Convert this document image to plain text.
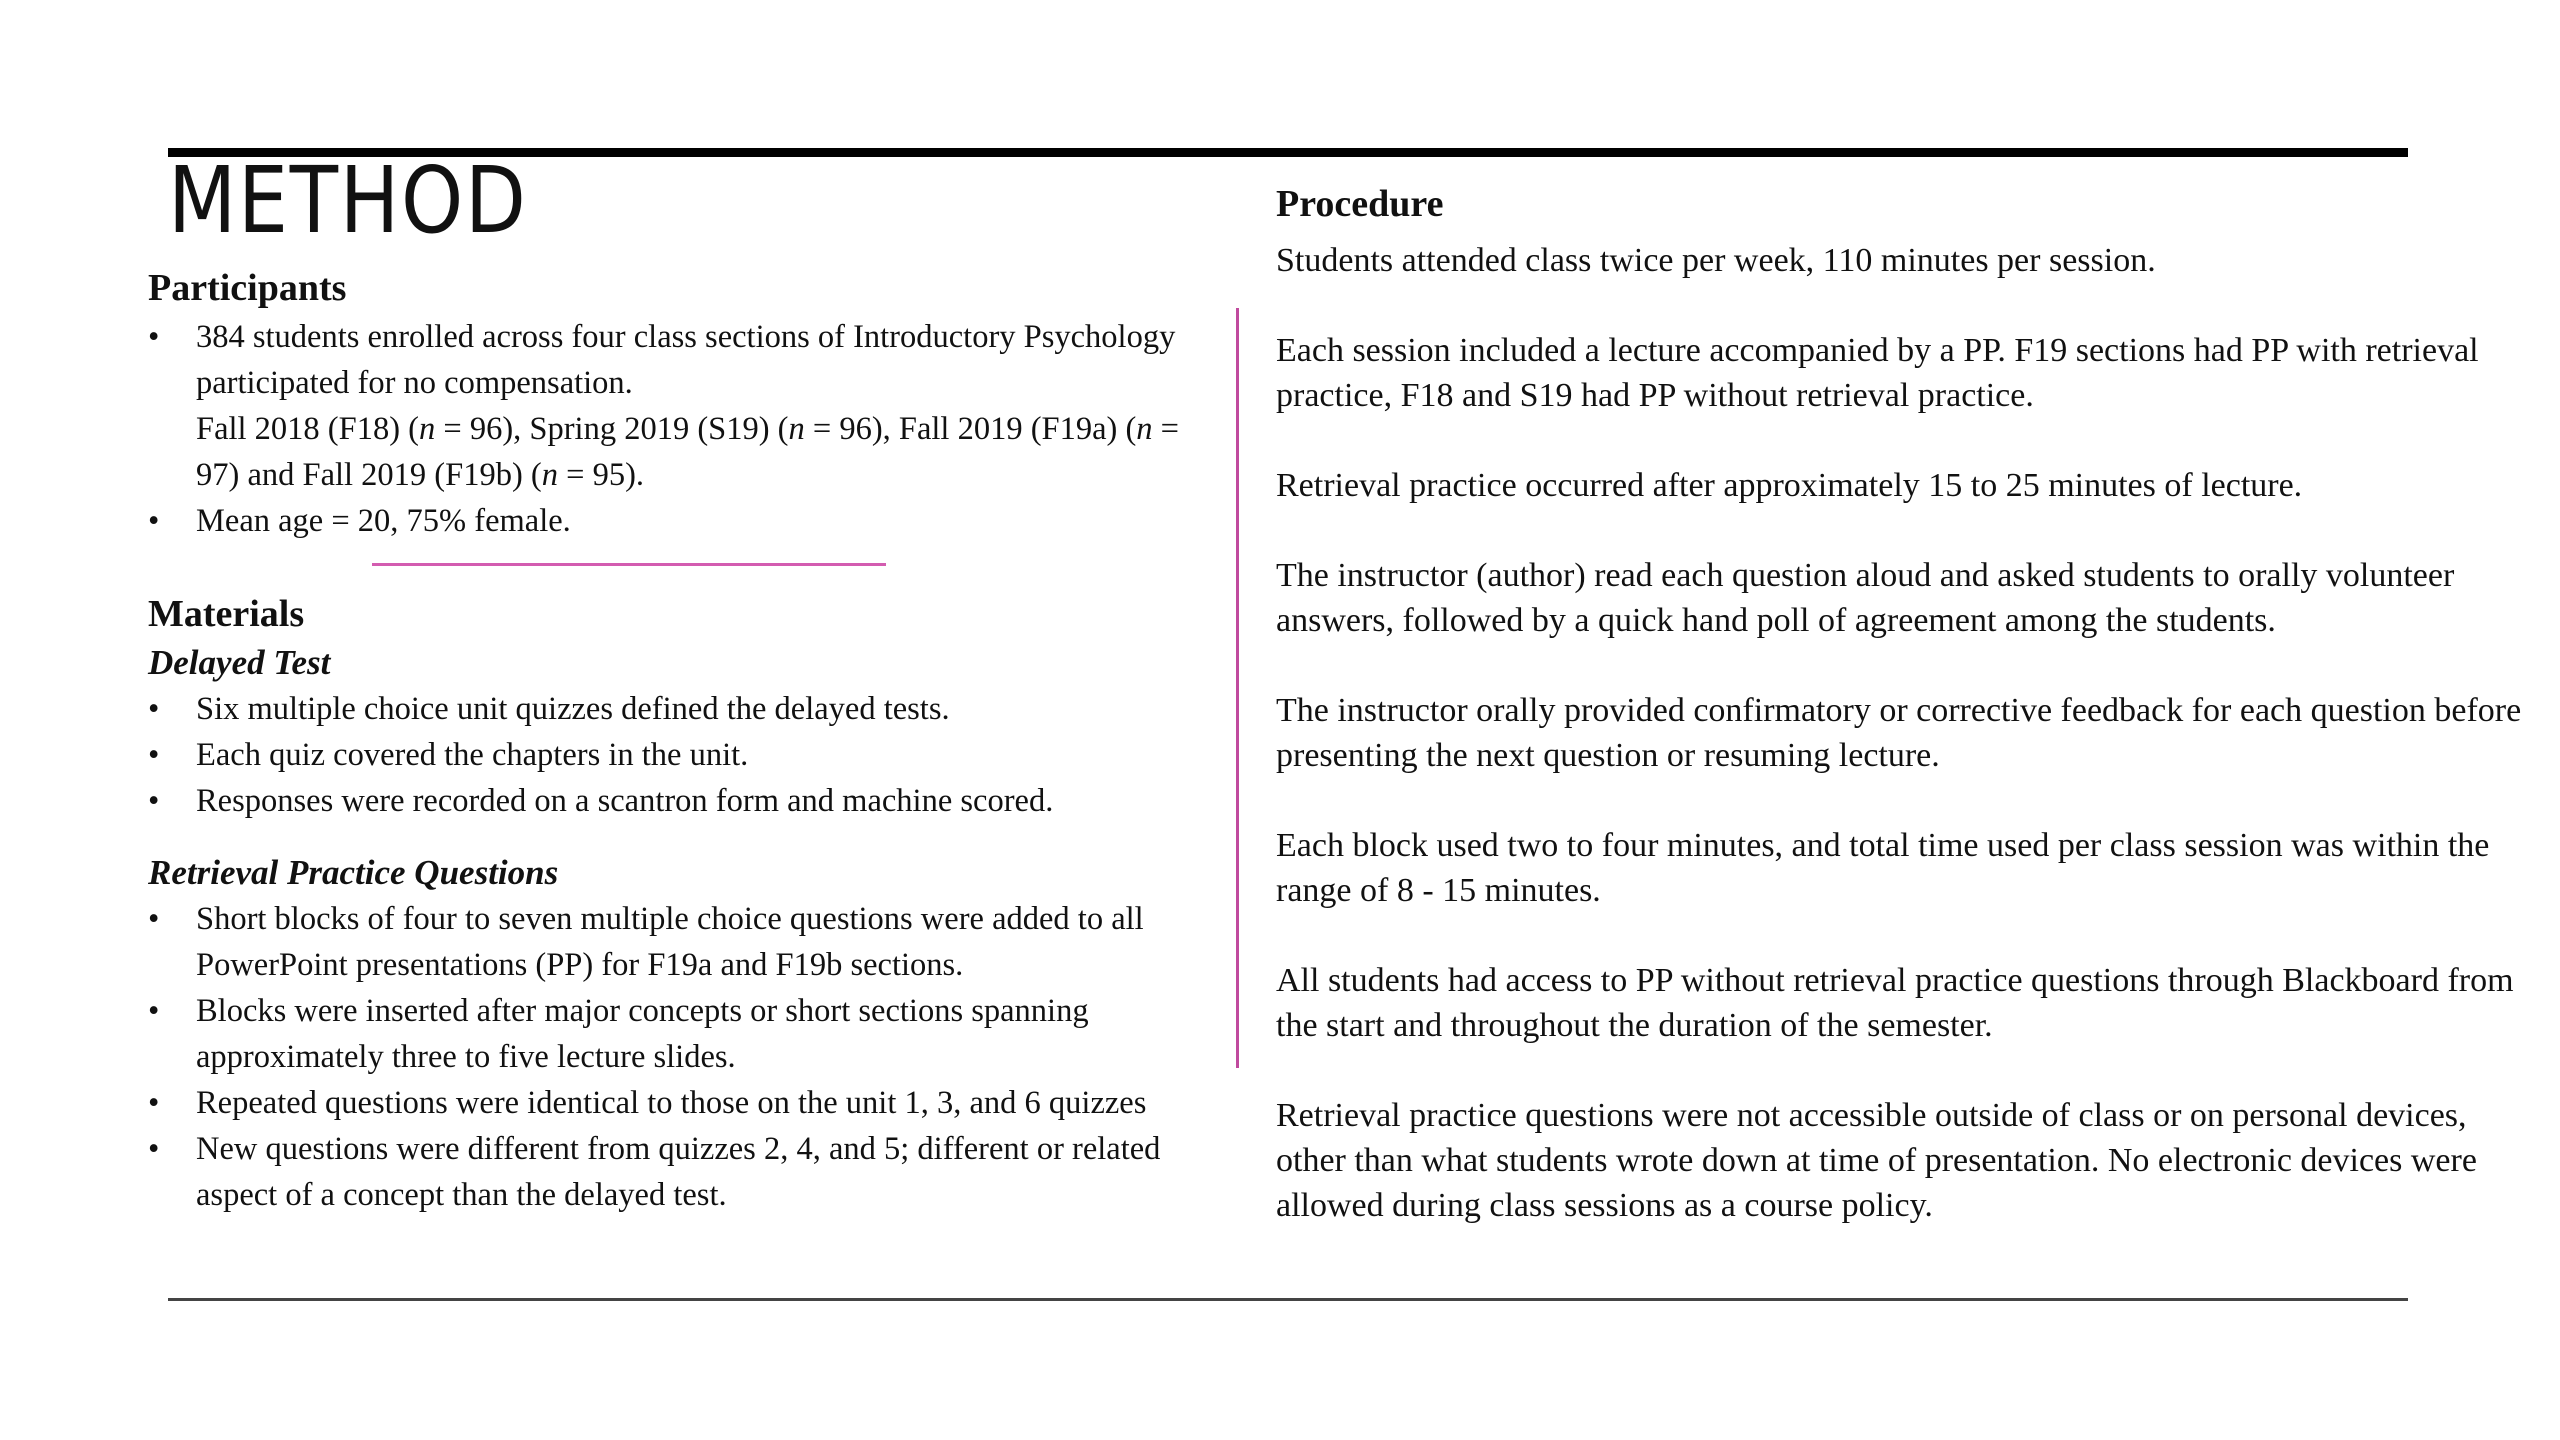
METHOD
Participants
• 384 students enrolled across four class sections of Introductory Psychology participated for no compensation.
Fall 2018 (F18) (n = 96), Spring 2019 (S19) (n = 96), Fall 2019 (F19a) (n = 97) and Fall 2019 (F19b) (n = 95).
• Mean age = 20, 75% female.
Materials
Delayed Test
• Six multiple choice unit quizzes defined the delayed tests.
• Each quiz covered the chapters in the unit.
• Responses were recorded on a scantron form and machine scored.
Retrieval Practice Questions
• Short blocks of four to seven multiple choice questions were added to all PowerPoint presentations (PP) for F19a and F19b sections.
• Blocks were inserted after major concepts or short sections spanning approximately three to five lecture slides.
• Repeated questions were identical to those on the unit 1, 3, and 6 quizzes
• New questions were different from quizzes 2, 4, and 5; different or related aspect of a concept than the delayed test.
Procedure

Students attended class twice per week, 110 minutes per session.

Each session included a lecture accompanied by a PP. F19 sections had PP with retrieval practice, F18 and S19 had PP without retrieval practice.

Retrieval practice occurred after approximately 15 to 25 minutes of lecture.

The instructor (author) read each question aloud and asked students to orally volunteer answers, followed by a quick hand poll of agreement among the students.

The instructor orally provided confirmatory or corrective feedback for each question before presenting the next question or resuming lecture.

Each block used two to four minutes, and total time used per class session was within the range of 8 - 15 minutes.

All students had access to PP without retrieval practice questions through Blackboard from the start and throughout the duration of the semester.

Retrieval practice questions were not accessible outside of class or on personal devices, other than what students wrote down at time of presentation. No electronic devices were allowed during class sessions as a course policy.
